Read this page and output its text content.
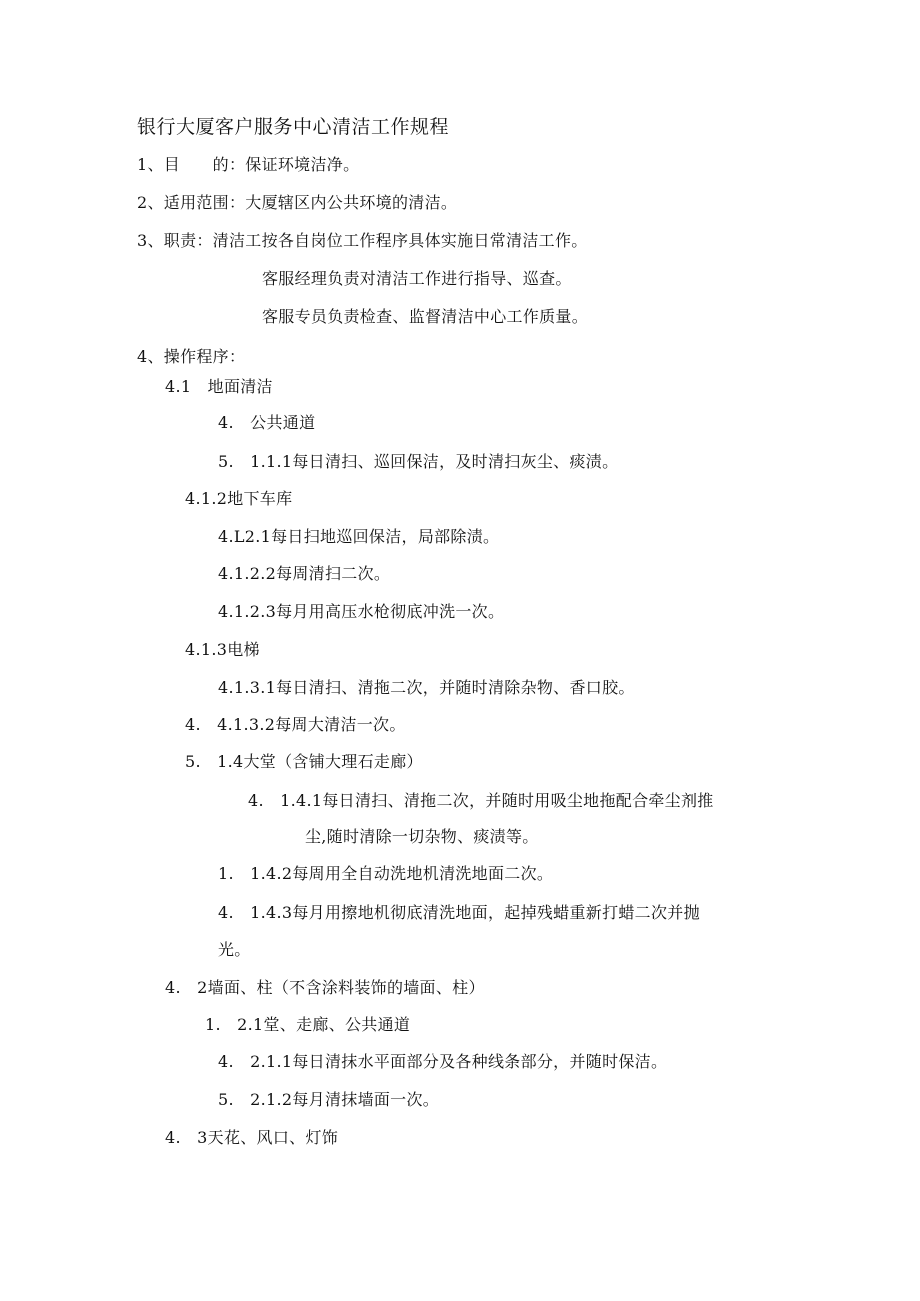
银行大厦客户服务中心清洁工作规程
1、目　　的：保证环境洁净。
2、适用范围：大厦辖区内公共环境的清洁。
3、职责：清洁工按各自岗位工作程序具体实施日常清洁工作。
客服经理负责对清洁工作进行指导、巡查。
客服专员负责检查、监督清洁中心工作质量。
4、操作程序：
4.1　地面清洁
4.　公共通道
5.　1.1.1每日清扫、巡回保洁，及时清扫灰尘、痰渍。
4.1.2地下车库
4.L2.1每日扫地巡回保洁，局部除渍。
4.1.2.2每周清扫二次。
4.1.2.3每月用高压水枪彻底冲洗一次。
4.1.3电梯
4.1.3.1每日清扫、清拖二次，并随时清除杂物、香口胶。
4.　4.1.3.2每周大清洁一次。
5.　1.4大堂（含铺大理石走廊）
4.　1.4.1每日清扫、清拖二次，并随时用吸尘地拖配合牵尘剂推
尘,随时清除一切杂物、痰渍等。
1.　1.4.2每周用全自动洗地机清洗地面二次。
4.　1.4.3每月用擦地机彻底清洗地面，起掉残蜡重新打蜡二次并抛
光。
4.　2墙面、柱（不含涂料装饰的墙面、柱）
1.　2.1堂、走廊、公共通道
4.　2.1.1每日清抹水平面部分及各种线条部分，并随时保洁。
5.　2.1.2每月清抹墙面一次。
4.　3天花、风口、灯饰
